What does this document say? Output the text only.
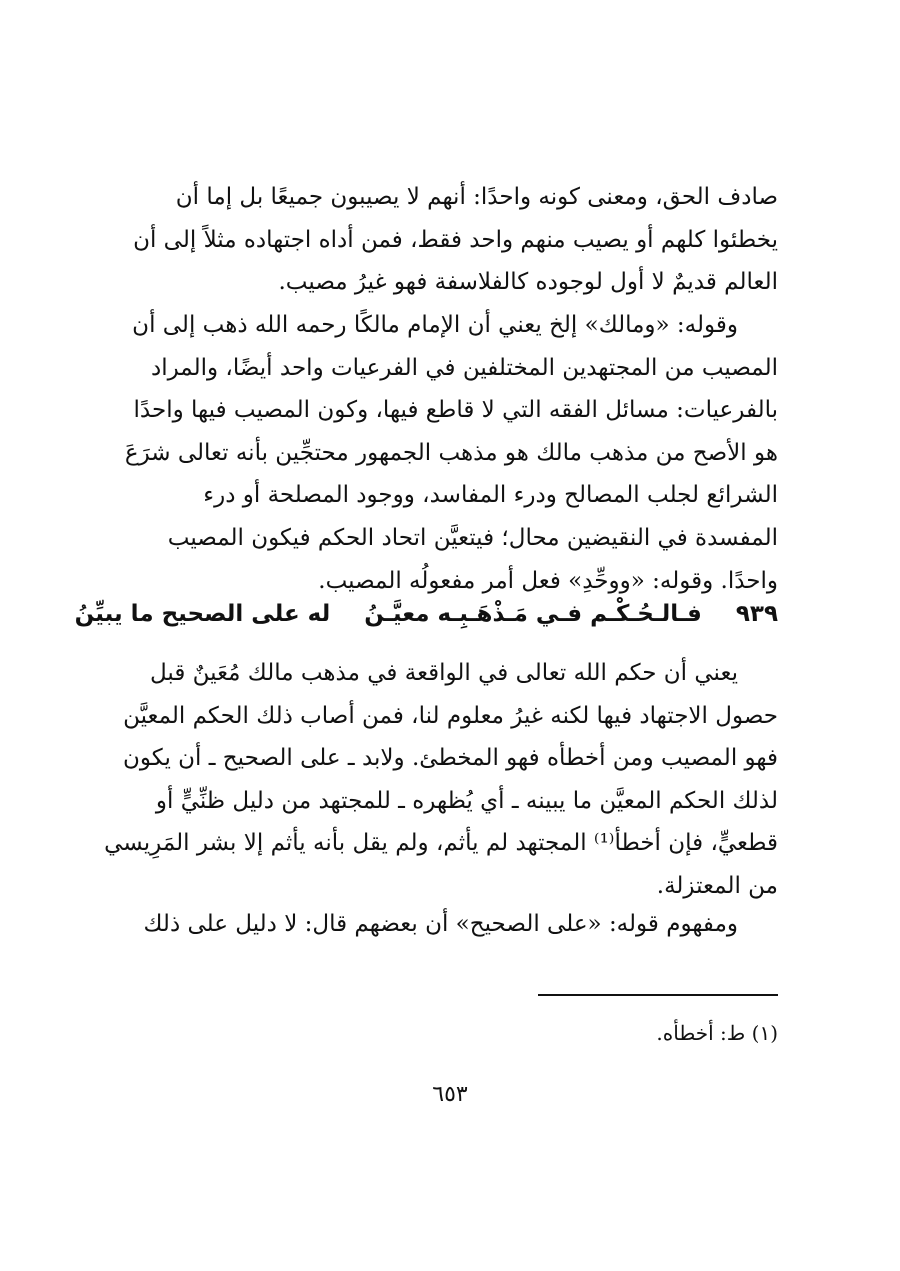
صادف الحق، ومعنى كونه واحدًا: أنهم لا يصيبون جميعًا بل إما أن
يخطئوا كلهم أو يصيب منهم واحد فقط، فمن أداه اجتهاده مثلاً إلى أن
العالم قديمٌ لا أول لوجوده كالفلاسفة فهو غيرُ مصيب.
وقوله: «ومالك» إلخ يعني أن الإمام مالكًا رحمه الله ذهب إلى أن
المصيب من المجتهدين المختلفين في الفرعيات واحد أيضًا، والمراد
بالفرعيات: مسائل الفقه التي لا قاطع فيها، وكون المصيب فيها واحدًا
هو الأصح من مذهب مالك هو مذهب الجمهور محتجِّين بأنه تعالى شرَعَ
الشرائع لجلب المصالح ودرء المفاسد، ووجود المصلحة أو درء
المفسدة في النقيضين محال؛ فيتعيَّن اتحاد الحكم فيكون المصيب
واحدًا. وقوله: «ووحِّدِ» فعل أمر مفعولُه المصيب.
٩٣٩  فـالـحُـكْـم فـي مَـذْهَـبِـه معيَّـنُ  له على الصحيح ما يبيِّنُ
يعني أن حكم الله تعالى في الواقعة في مذهب مالك مُعَينٌ قبل
حصول الاجتهاد فيها لكنه غيرُ معلوم لنا، فمن أصاب ذلك الحكم المعيَّن
فهو المصيب ومن أخطأه فهو المخطئ. ولابد ـ على الصحيح ـ أن يكون
لذلك الحكم المعيَّن ما يبينه ـ أي يُظهره ـ للمجتهد من دليل ظنِّيٍّ أو
قطعيٍّ، فإن أخطأ⁽¹⁾ المجتهد لم يأثم، ولم يقل بأنه يأثم إلا بشر المَرِيسي
من المعتزلة.
ومفهوم قوله: «على الصحيح» أن بعضهم قال: لا دليل على ذلك
(١) ط: أخطأه.
٦٥٣
